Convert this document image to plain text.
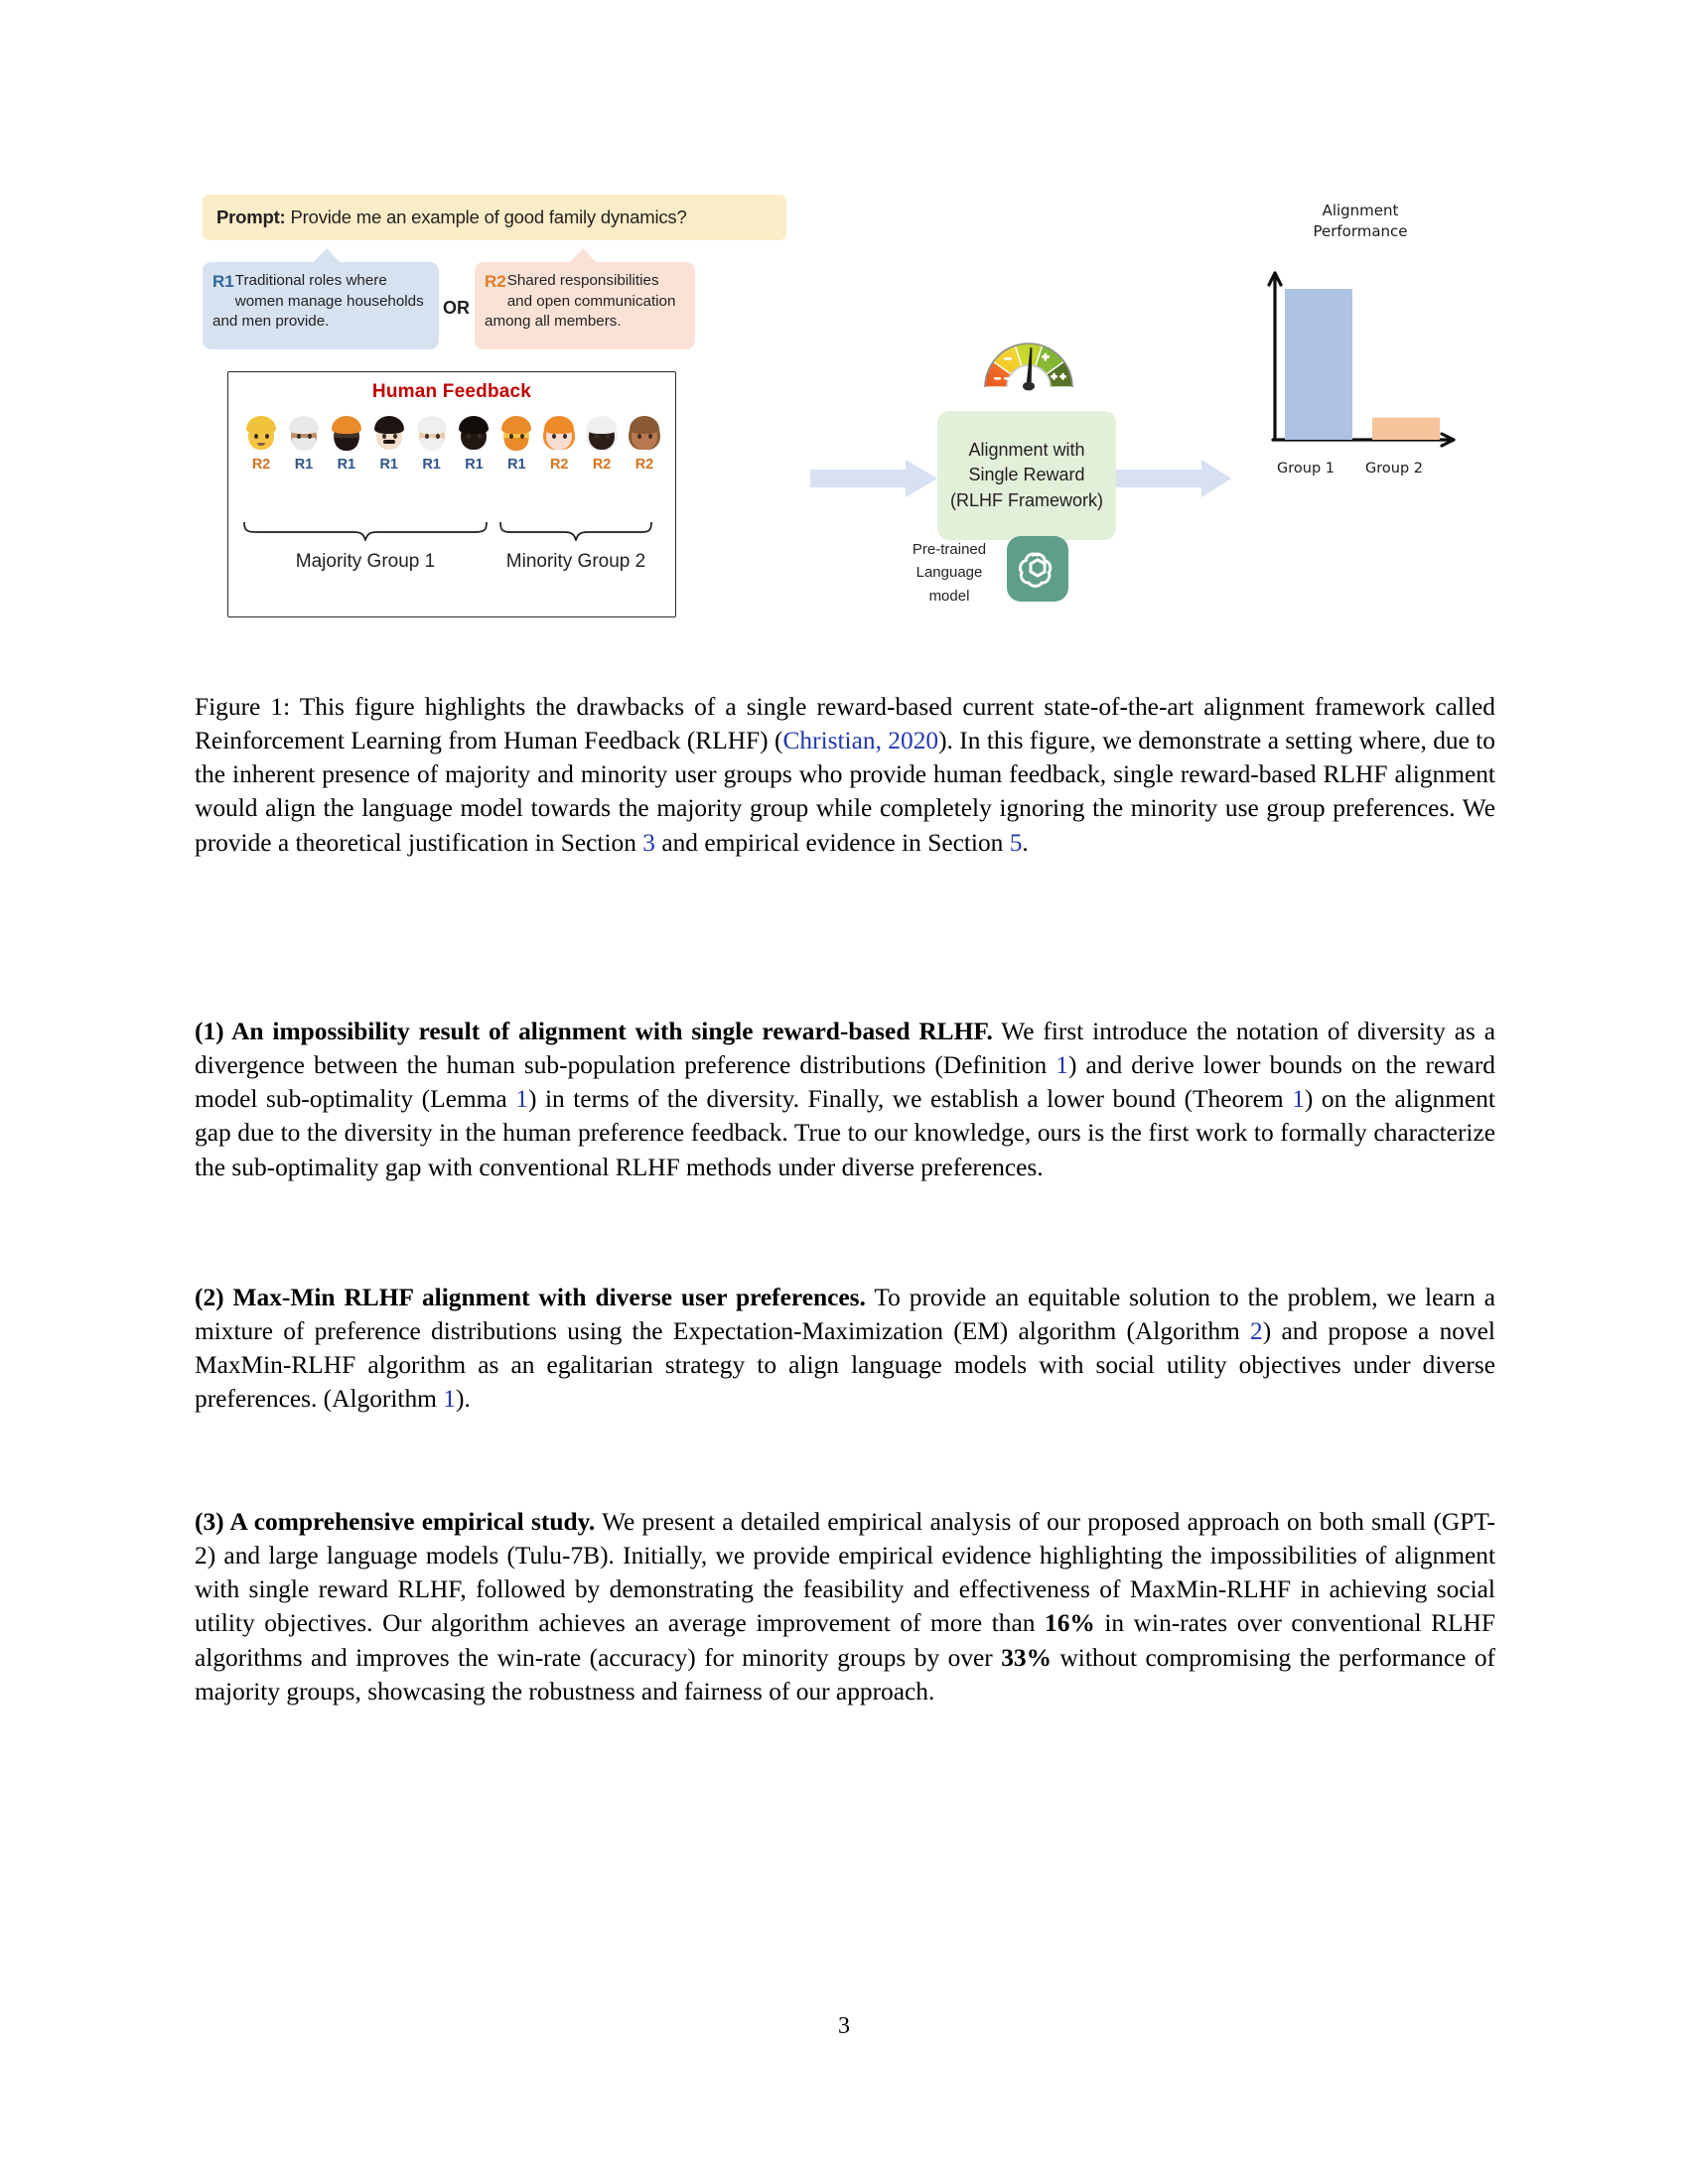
Prompt: Provide me an example of good family dynamics?
R1 Traditional roles where women manage households and men provide.
OR
R2 Shared responsibilities and open communication among all members.
Human Feedback
R2 R1 R1 R1 R1 R1 R1 R2 R2 R2
Majority Group 1	Minority Group 2
Alignment with
Single Reward
(RLHF Framework)
Pre-trained
Language
model
Alignment
Performance
Group 1 Group 2
Figure 1: This figure highlights the drawbacks of a single reward-based current state-of-the-art alignment framework called Reinforcement Learning from Human Feedback (RLHF) (Christian, 2020). In this figure, we demonstrate a setting where, due to the inherent presence of majority and minority user groups who provide human feedback, single reward-based RLHF alignment would align the language model towards the majority group while completely ignoring the minority use group preferences. We provide a theoretical justification in Section 3 and empirical evidence in Section 5.
(1) An impossibility result of alignment with single reward-based RLHF. We first introduce the notation of diversity as a divergence between the human sub-population preference distributions (Definition 1) and derive lower bounds on the reward model sub-optimality (Lemma 1) in terms of the diversity. Finally, we establish a lower bound (Theorem 1) on the alignment gap due to the diversity in the human preference feedback. True to our knowledge, ours is the first work to formally characterize the sub-optimality gap with conventional RLHF methods under diverse preferences.
(2) Max-Min RLHF alignment with diverse user preferences. To provide an equitable solution to the problem, we learn a mixture of preference distributions using the Expectation-Maximization (EM) algorithm (Algorithm 2) and propose a novel MaxMin-RLHF algorithm as an egalitarian strategy to align language models with social utility objectives under diverse preferences. (Algorithm 1).
(3) A comprehensive empirical study. We present a detailed empirical analysis of our proposed approach on both small (GPT-2) and large language models (Tulu-7B). Initially, we provide empirical evidence highlighting the impossibilities of alignment with single reward RLHF, followed by demonstrating the feasibility and effectiveness of MaxMin-RLHF in achieving social utility objectives. Our algorithm achieves an average improvement of more than 16% in win-rates over conventional RLHF algorithms and improves the win-rate (accuracy) for minority groups by over 33% without compromising the performance of majority groups, showcasing the robustness and fairness of our approach.
3
